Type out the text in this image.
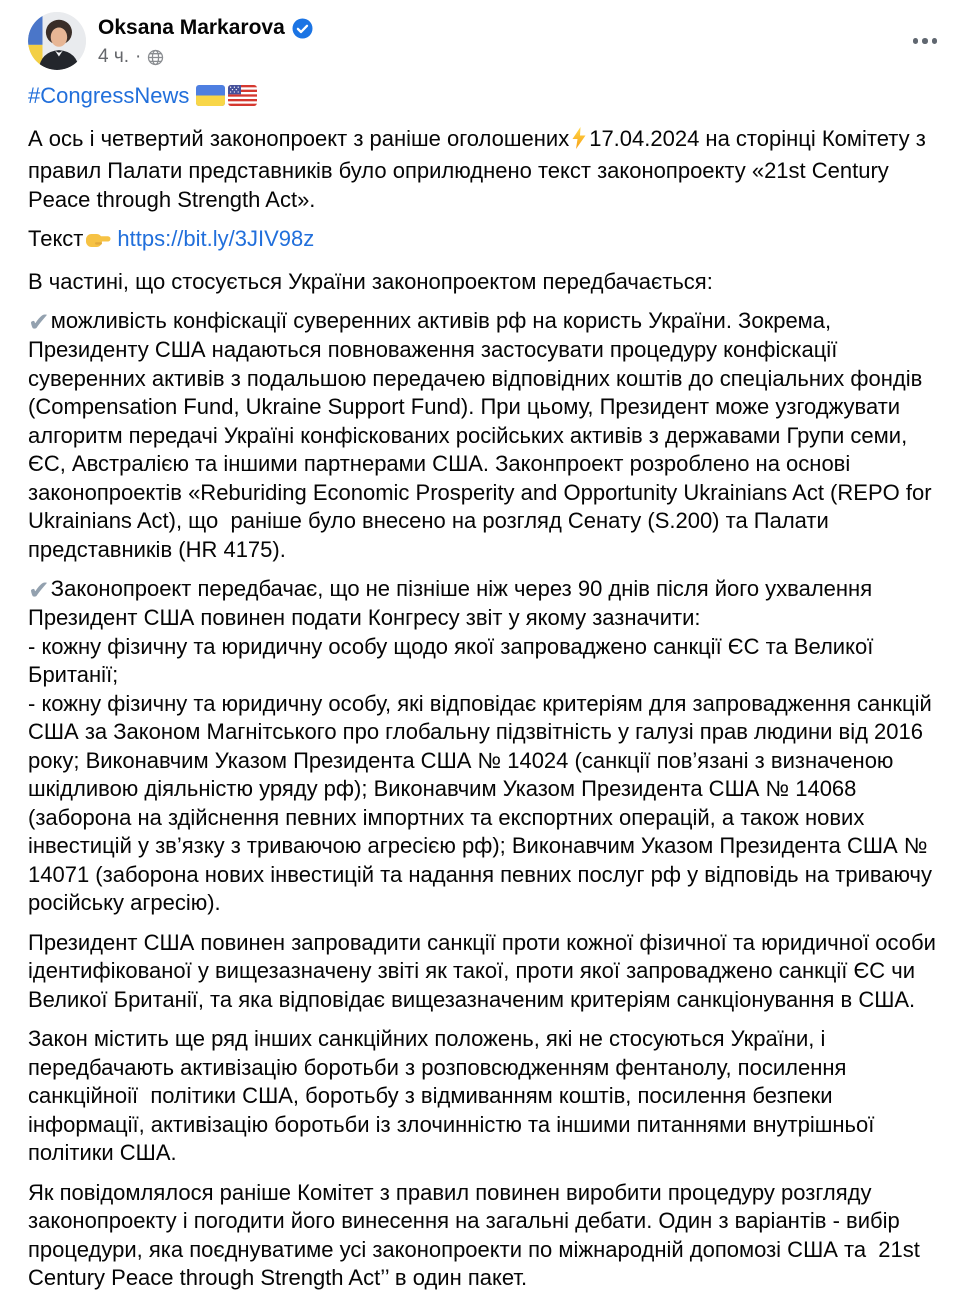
Oksana Markarova
4 ч. ·

#CongressNews

А ось і четвертий законопроект з раніше оголошених 17.04.2024 на сторінці Комітету з правил Палати представників було оприлюднено текст законопроекту «21st Century Peace through Strength Act».

Текст https://bit.ly/3JIV98z

В частині, що стосується України законопроектом передбачається:

✔можливість конфіскації суверенних активів рф на користь України. Зокрема, Президенту США надаються повноваження застосувати процедуру конфіскації суверенних активів з подальшою передачею відповідних коштів до спеціальних фондів (Compensation Fund, Ukraine Support Fund). При цьому, Президент може узгоджувати алгоритм передачі Україні конфіскованих російських активів з державами Групи семи, ЄС, Австралією та іншими партнерами США. Законпроект розроблено на основі законопроектів «Reburiding Economic Prosperity and Opportunity Ukrainians Act (REPO for Ukrainians Act), що  раніше було внесено на розгляд Сенату (S.200) та Палати представників (HR 4175).

✔Законопроект передбачає, що не пізніше ніж через 90 днів після його ухвалення Президент США повинен подати Конгресу звіт у якому зазначити:
- кожну фізичну та юридичну особу щодо якої запроваджено санкції ЄС та Великої Британії;
- кожну фізичну та юридичну особу, які відповідає критеріям для запровадження санкцій США за Законом Магнітського про глобальну підзвітність у галузі прав людини від 2016 року; Виконавчим Указом Президента США № 14024 (санкції пов’язані з визначеною шкідливою діяльністю уряду рф); Виконавчим Указом Президента США № 14068 (заборона на здійснення певних імпортних та експортних операцій, а також нових інвестицій у зв’язку з триваючою агресією рф); Виконавчим Указом Президента США № 14071 (заборона нових інвестицій та надання певних послуг рф у відповідь на триваючу російську агресію).

Президент США повинен запровадити санкції проти кожної фізичної та юридичної особи ідентифікованої у вищезазначену звіті як такої, проти якої запроваджено санкції ЄС чи Великої Британії, та яка відповідає вищезазначеним критеріям санкціонування в США.

Закон містить ще ряд інших санкційних положень, які не стосуються України, і передбачають активізацію боротьби з розповсюдженням фентанолу, посилення санкційноії  політики США, боротьбу з відмиванням коштів, посилення безпеки інформації, активізацію боротьби із злочинністю та іншими питаннями внутрішньої політики США.

Як повідомлялося раніше Комітет з правил повинен виробити процедуру розгляду законопроекту і погодити його винесення на загальні дебати. Один з варіантів - вибір процедури, яка поєднуватиме усі законопроекти по міжнародній допомозі США та  21st Century Peace through Strength Act’’ в один пакет.
